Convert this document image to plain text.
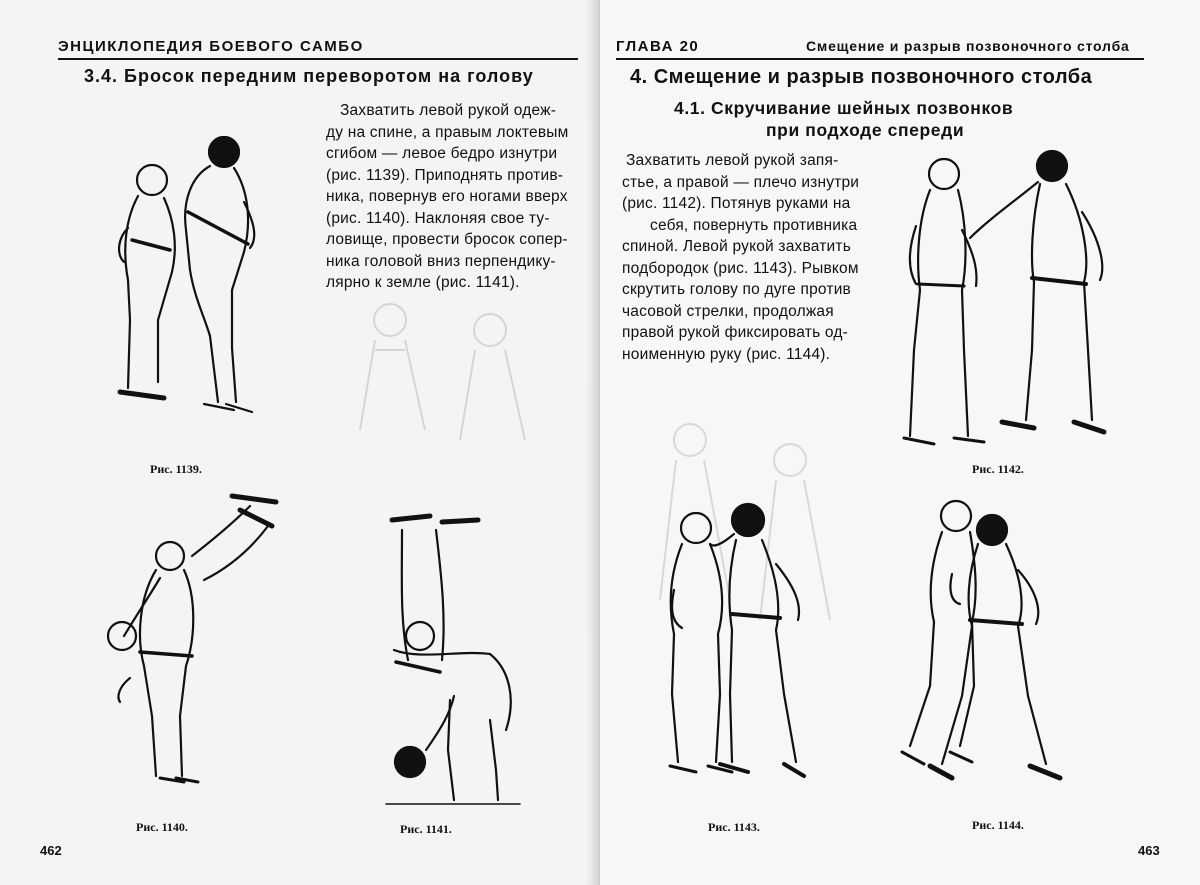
ЭНЦИКЛОПЕДИЯ БОЕВОГО САМБО
3.4. Бросок передним переворотом на голову
Захватить левой рукой одеж-
ду на спине, а правым локтевым
сгибом — левое бедро изнутри
(рис. 1139). Приподнять против-
ника, повернув его ногами вверх
(рис. 1140). Наклоняя свое ту-
ловище, провести бросок сопер-
ника головой вниз перпендику-
лярно к земле (рис. 1141).
Рис. 1139.
Рис. 1140.	Рис. 1141.
462
ГЛАВА 20	Смещение и разрыв позвоночного столба
4. Смещение и разрыв позвоночного столба
4.1. Скручивание шейных позвонков
при подходе спереди
Захватить левой рукой запя-
стье, а правой — плечо изнутри
(рис. 1142). Потянув руками на
себя, повернуть противника
спиной. Левой рукой захватить
подбородок (рис. 1143). Рывком
скрутить голову по дуге против
часовой стрелки, продолжая
правой рукой фиксировать од-
ноименную руку (рис. 1144).
Рис. 1142.
Рис. 1143.	Рис. 1144.
463
